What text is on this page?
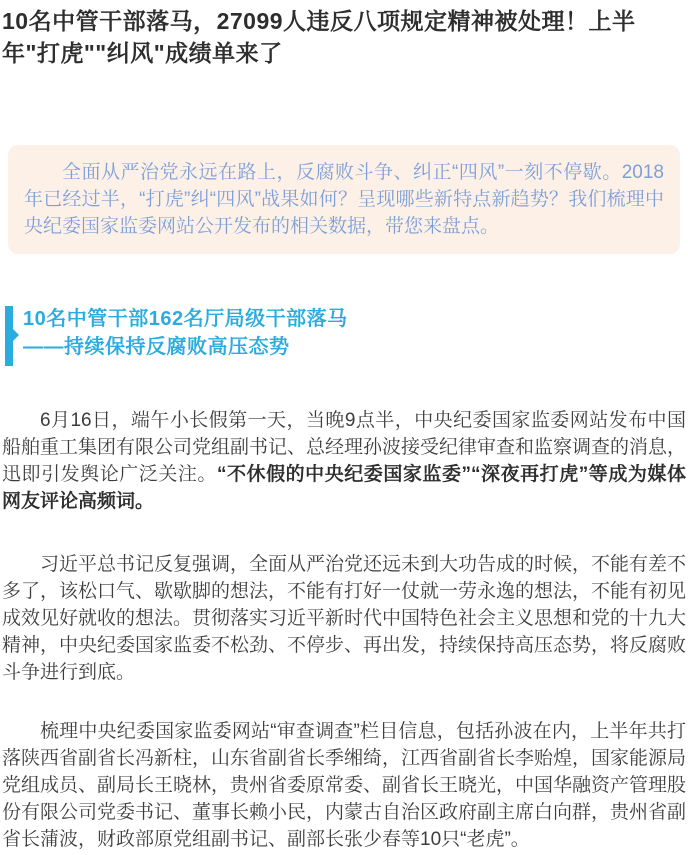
10名中管干部落马，27099人违反八项规定精神被处理！上半年"打虎""纠风"成绩单来了

全面从严治党永远在路上，反腐败斗争、纠正“四风”一刻不停歇。2018年已经过半，“打虎”纠“四风”战果如何？呈现哪些新特点新趋势？我们梳理中央纪委国家监委网站公开发布的相关数据，带您来盘点。

10名中管干部162名厅局级干部落马
——持续保持反腐败高压态势

6月16日，端午小长假第一天，当晚9点半，中央纪委国家监委网站发布中国船舶重工集团有限公司党组副书记、总经理孙波接受纪律审查和监察调查的消息，迅即引发舆论广泛关注。“不休假的中央纪委国家监委”“深夜再打虎”等成为媒体网友评论高频词。

习近平总书记反复强调，全面从严治党还远未到大功告成的时候，不能有差不多了，该松口气、歇歇脚的想法，不能有打好一仗就一劳永逸的想法，不能有初见成效见好就收的想法。贯彻落实习近平新时代中国特色社会主义思想和党的十九大精神，中央纪委国家监委不松劲、不停步、再出发，持续保持高压态势，将反腐败斗争进行到底。

梳理中央纪委国家监委网站“审查调查”栏目信息，包括孙波在内，上半年共打落陕西省副省长冯新柱，山东省副省长季缃绮，江西省副省长李贻煌，国家能源局党组成员、副局长王晓林，贵州省委原常委、副省长王晓光，中国华融资产管理股份有限公司党委书记、董事长赖小民，内蒙古自治区政府副主席白向群，贵州省副省长蒲波，财政部原党组副书记、副部长张少春等10只“老虎”。
